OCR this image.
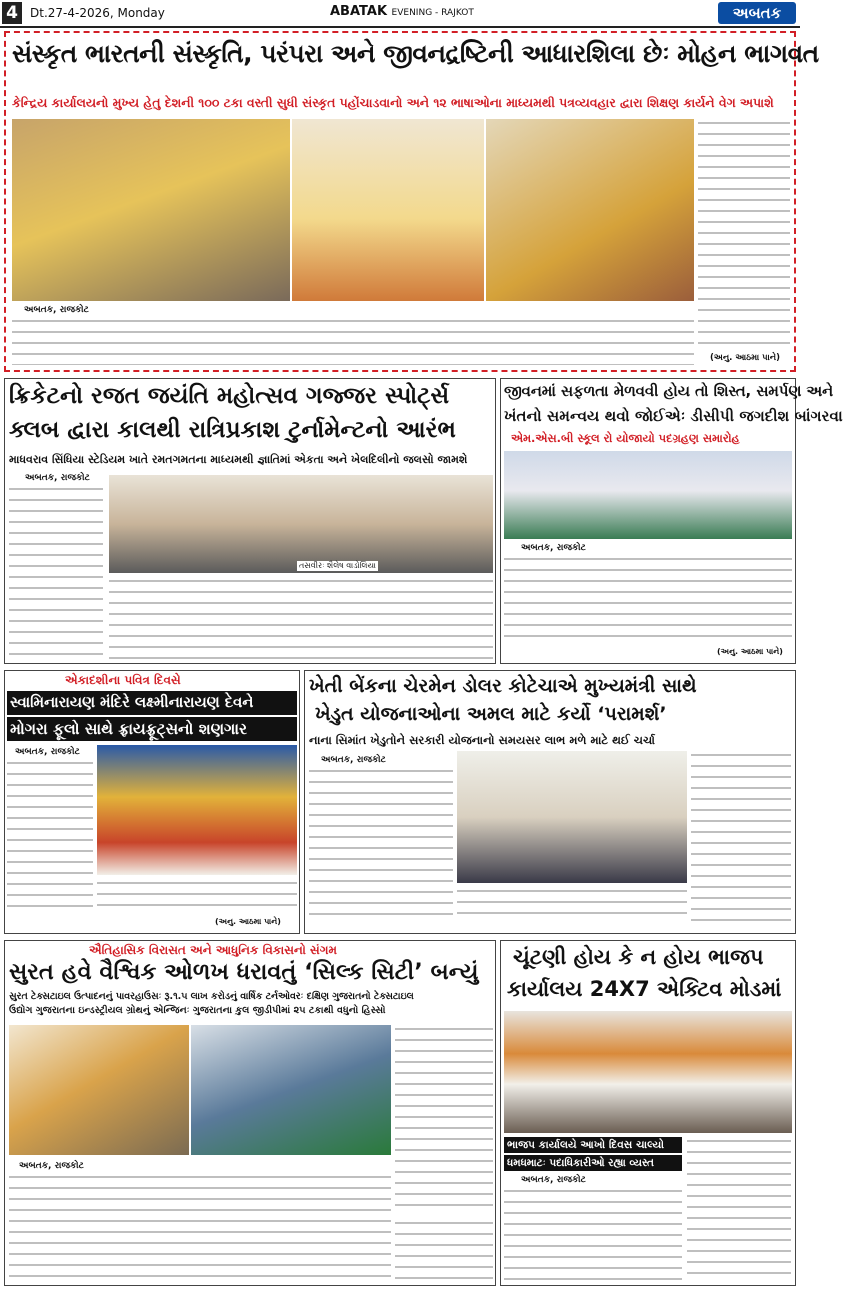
4	Dt.27-4-2026, Monday	ABATAK EVENING - RAJKOT	અબતક
સંસ્કૃત ભારતની સંસ્કૃતિ, પરંપરા અને જીવનદ્રષ્ટિની આધારશિલા છેઃ મોહન ભાગવત
કેન્દ્રિય કાર્યાલયનો મુખ્ય હેતુ દેશની ૧૦૦ ટકા વસ્તી સુધી સંસ્કૃત પહોંચાડવાનો અને ૧૨ ભાષાઓના માધ્યમથી પત્રવ્યવહાર દ્વારા શિક્ષણ કાર્યને વેગ અપાશે
અબતક, રાજકોટ
(અનુ. આઠમા પાને)
ક્રિકેટનો રજત જયંતિ મહોત્સવ ગજ્જર સ્પોર્ટ્સ
ક્લબ દ્વારા કાલથી રાત્રિપ્રકાશ ટુર્નામેન્ટનો આરંભ
માધવરાવ સિંધિયા સ્ટેડિયમ ખાતે રમતગમતના માધ્યમથી જ્ઞાતિમાં એકતા અને ખેલદિલીનો જલસો જામશે
અબતક, રાજકોટ
તસવીરઃ શૈલેષ વાડોલિયા
જીવનમાં સફળતા મેળવવી હોય તો શિસ્ત, સમર્પણ અને
ખંતનો સમન્વય થવો જોઈએઃ ડીસીપી જગદીશ બાંગરવા
એમ.એસ.બી સ્કૂલ રો યોજાયો પદગ્રહણ સમારોહ
અબતક, રાજકોટ
(અનુ. આઠમા પાને)
એકાદશીના પવિત્ર દિવસે
સ્વામિનારાયણ મંદિરે લક્ષ્મીનારાયણ દેવને
મોગરા ફૂલો સાથે ફ્રાયફ્રૂટ્સનો શણગાર
અબતક, રાજકોટ
(અનુ. આઠમા પાને)
ખેતી બેંકના ચેરમેન ડોલર કોટેચાએ મુખ્યમંત્રી સાથે
ખેડુત યોજનાઓના અમલ માટે કર્યો ‘પરામર્શ’
નાના સિમાંત ખેડુતોને સરકારી યોજનાનો સમયસર લાભ મળે માટે થઈ ચર્ચા
અબતક, રાજકોટ
ઐતિહાસિક વિરાસત અને આધુનિક વિકાસનો સંગમ
સુરત હવે વૈશ્વિક ઓળખ ધરાવતું ‘સિલ્ક સિટી’ બન્યું
સુરત ટેક્સટાઇલ ઉત્પાદનનું પાવરહાઉસઃ રૂ.૧.૫ લાખ કરોડનું વાર્ષિક ટર્નઓવરઃ દક્ષિણ ગુજરાતનો ટેક્સટાઇલ
ઉદ્યોગ ગુજરાતના ઇન્ડસ્ટ્રીયલ ગ્રોથનું એન્જિનઃ ગુજરાતના કુલ જીડીપીમાં ૨૫ ટકાથી વધુનો હિસ્સો
અબતક, રાજકોટ
ચૂંટણી હોય કે ન હોય ભાજપ
કાર્યાલય 24X7 એક્ટિવ મોડમાં
ભાજપ કાર્યાલયે આખો દિવસ ચાલ્યો
ધમધમાટઃ પદાધિકારીઓ રહ્યા વ્યસ્ત
અબતક, રાજકોટ
